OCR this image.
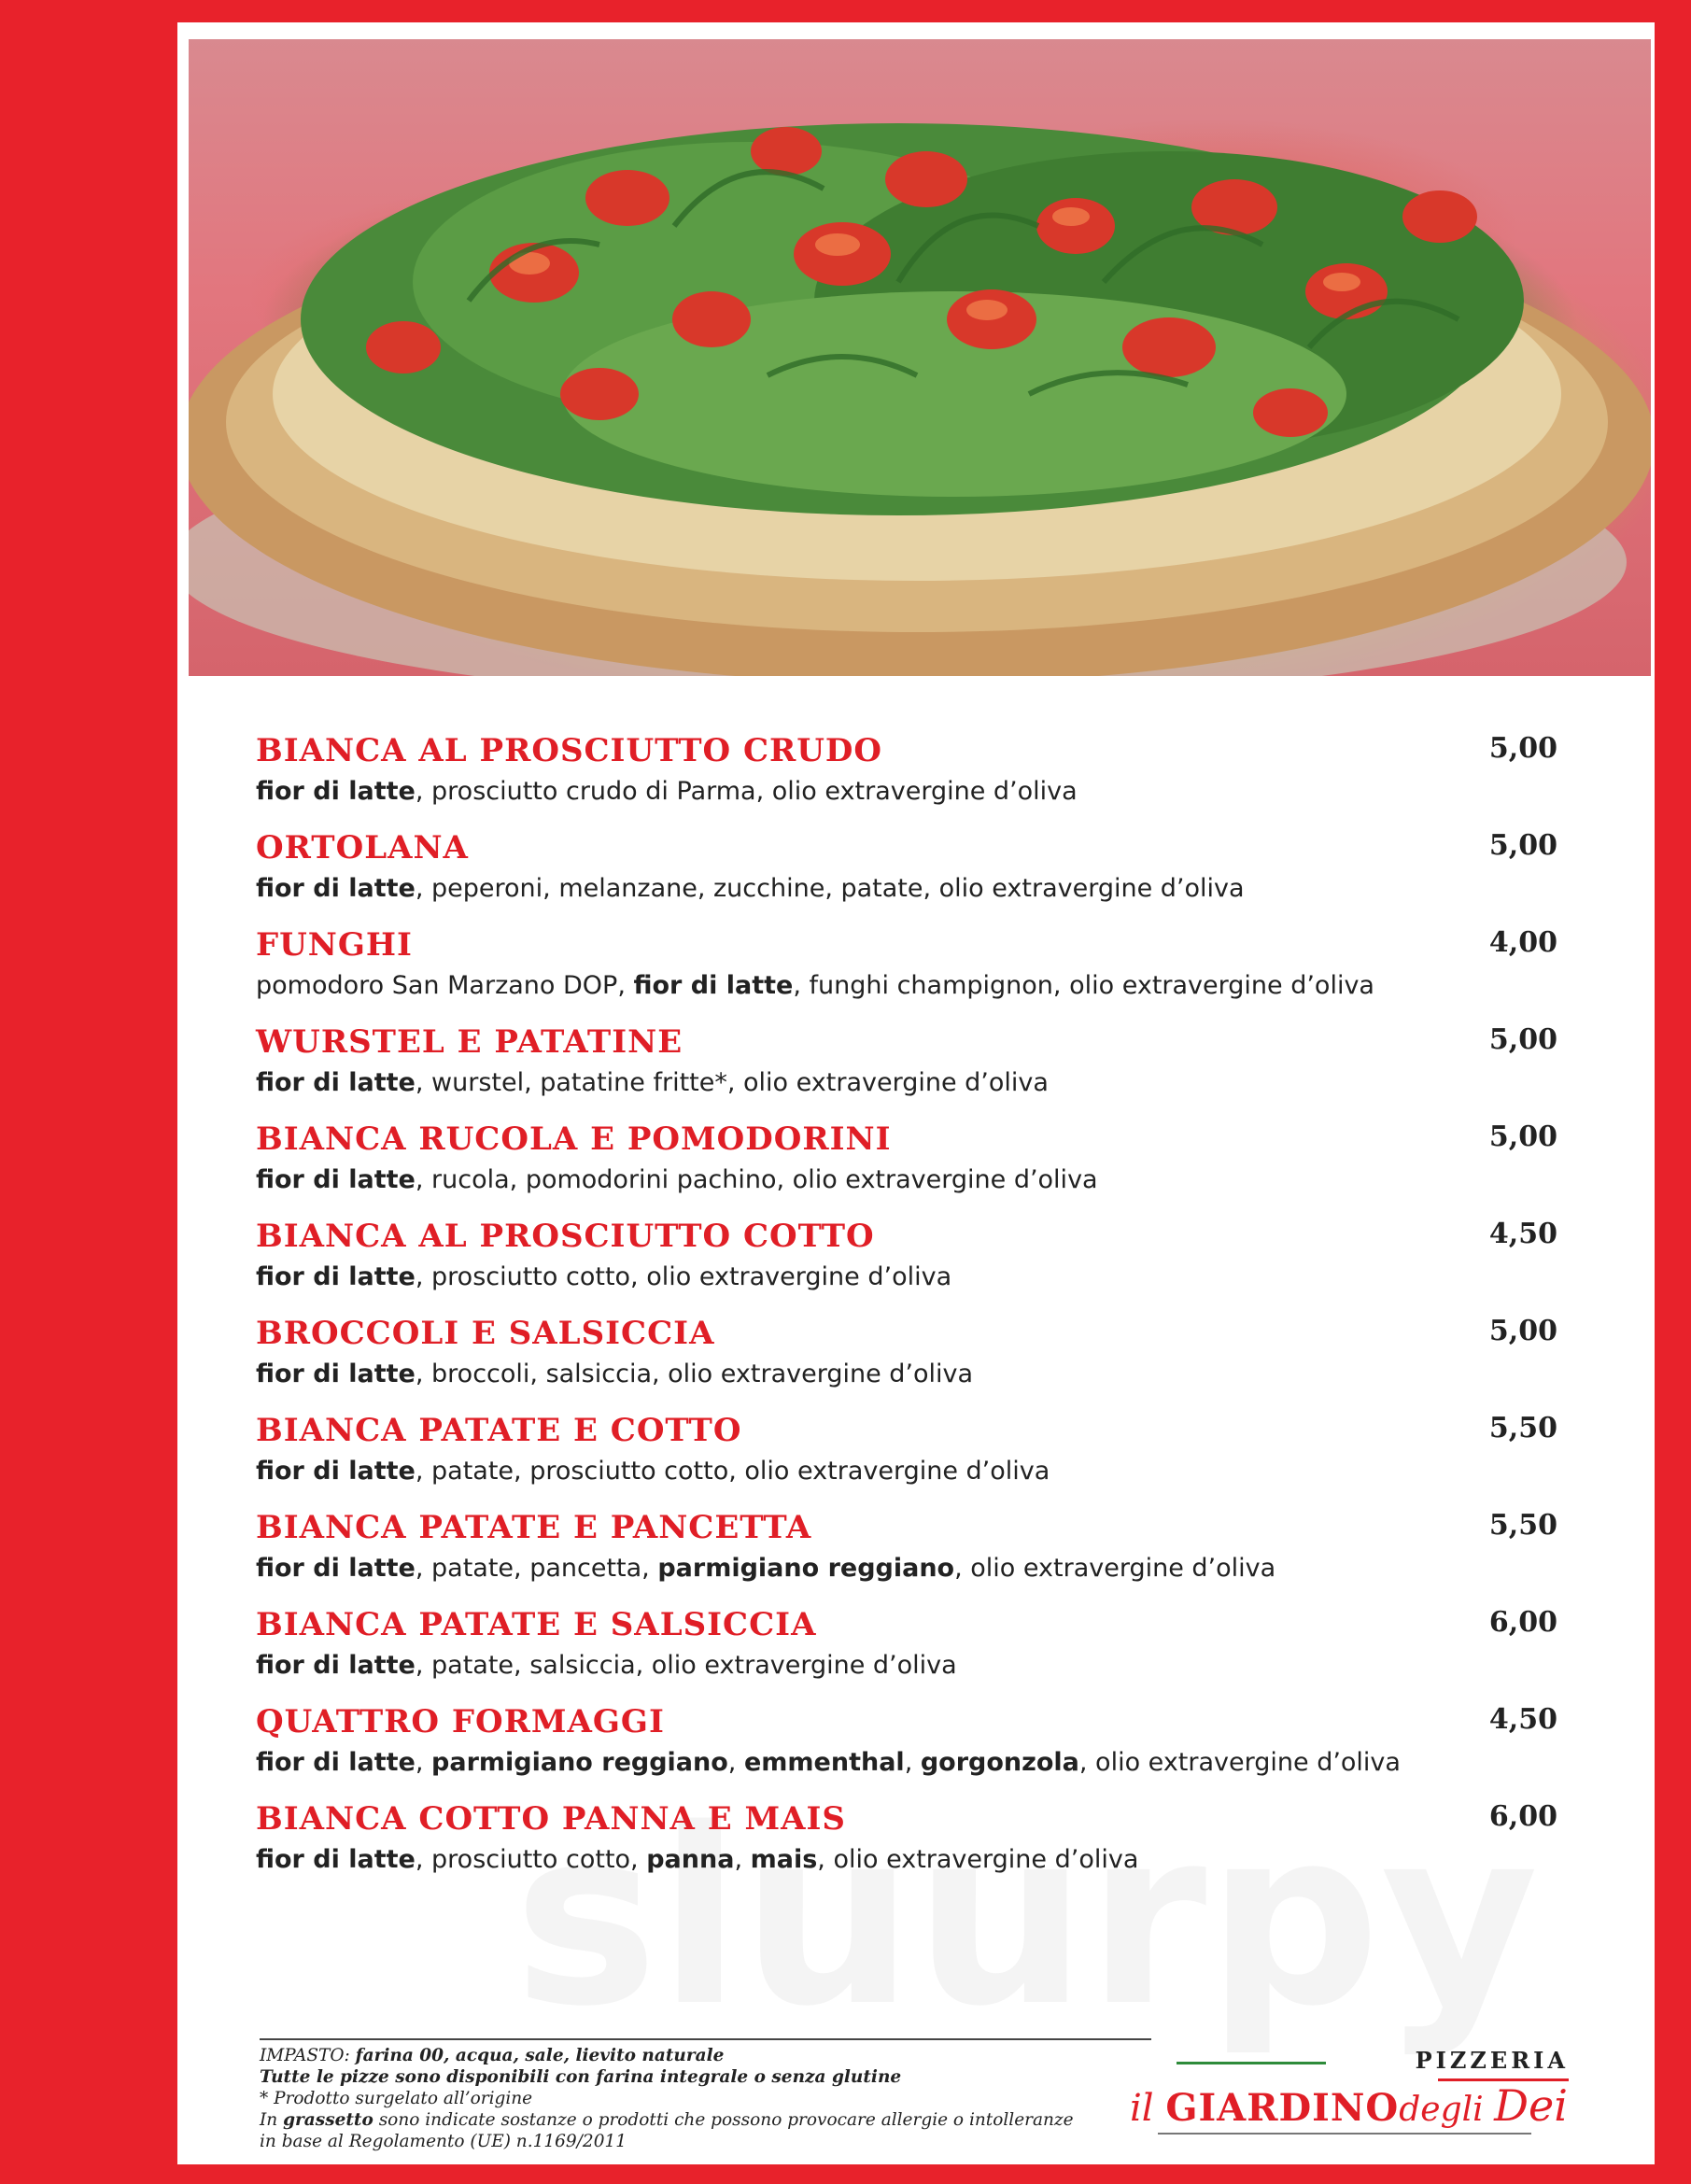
BIANCA AL PROSCIUTTO CRUDO	5,00
fior di latte, prosciutto crudo di Parma, olio extravergine d’oliva
ORTOLANA	5,00
fior di latte, peperoni, melanzane, zucchine, patate, olio extravergine d’oliva
FUNGHI	4,00
pomodoro San Marzano DOP, fior di latte, funghi champignon, olio extravergine d’oliva
WURSTEL E PATATINE	5,00
fior di latte, wurstel, patatine fritte*, olio extravergine d’oliva
BIANCA RUCOLA E POMODORINI	5,00
fior di latte, rucola, pomodorini pachino, olio extravergine d’oliva
BIANCA AL PROSCIUTTO COTTO	4,50
fior di latte, prosciutto cotto, olio extravergine d’oliva
BROCCOLI E SALSICCIA	5,00
fior di latte, broccoli, salsiccia, olio extravergine d’oliva
BIANCA PATATE E COTTO	5,50
fior di latte, patate, prosciutto cotto, olio extravergine d’oliva
BIANCA PATATE E PANCETTA	5,50
fior di latte, patate, pancetta, parmigiano reggiano, olio extravergine d’oliva
BIANCA PATATE E SALSICCIA	6,00
fior di latte, patate, salsiccia, olio extravergine d’oliva
QUATTRO FORMAGGI	4,50
fior di latte, parmigiano reggiano, emmenthal, gorgonzola, olio extravergine d’oliva
BIANCA COTTO PANNA E MAIS	6,00
fior di latte, prosciutto cotto, panna, mais, olio extravergine d’oliva
IMPASTO: farina 00, acqua, sale, lievito naturale
Tutte le pizze sono disponibili con farina integrale o senza glutine
* Prodotto surgelato all’origine
In grassetto sono indicate sostanze o prodotti che possono provocare allergie o intolleranze
in base al Regolamento (UE) n.1169/2011
PIZZERIA
il GIARDINOdegli Dei
